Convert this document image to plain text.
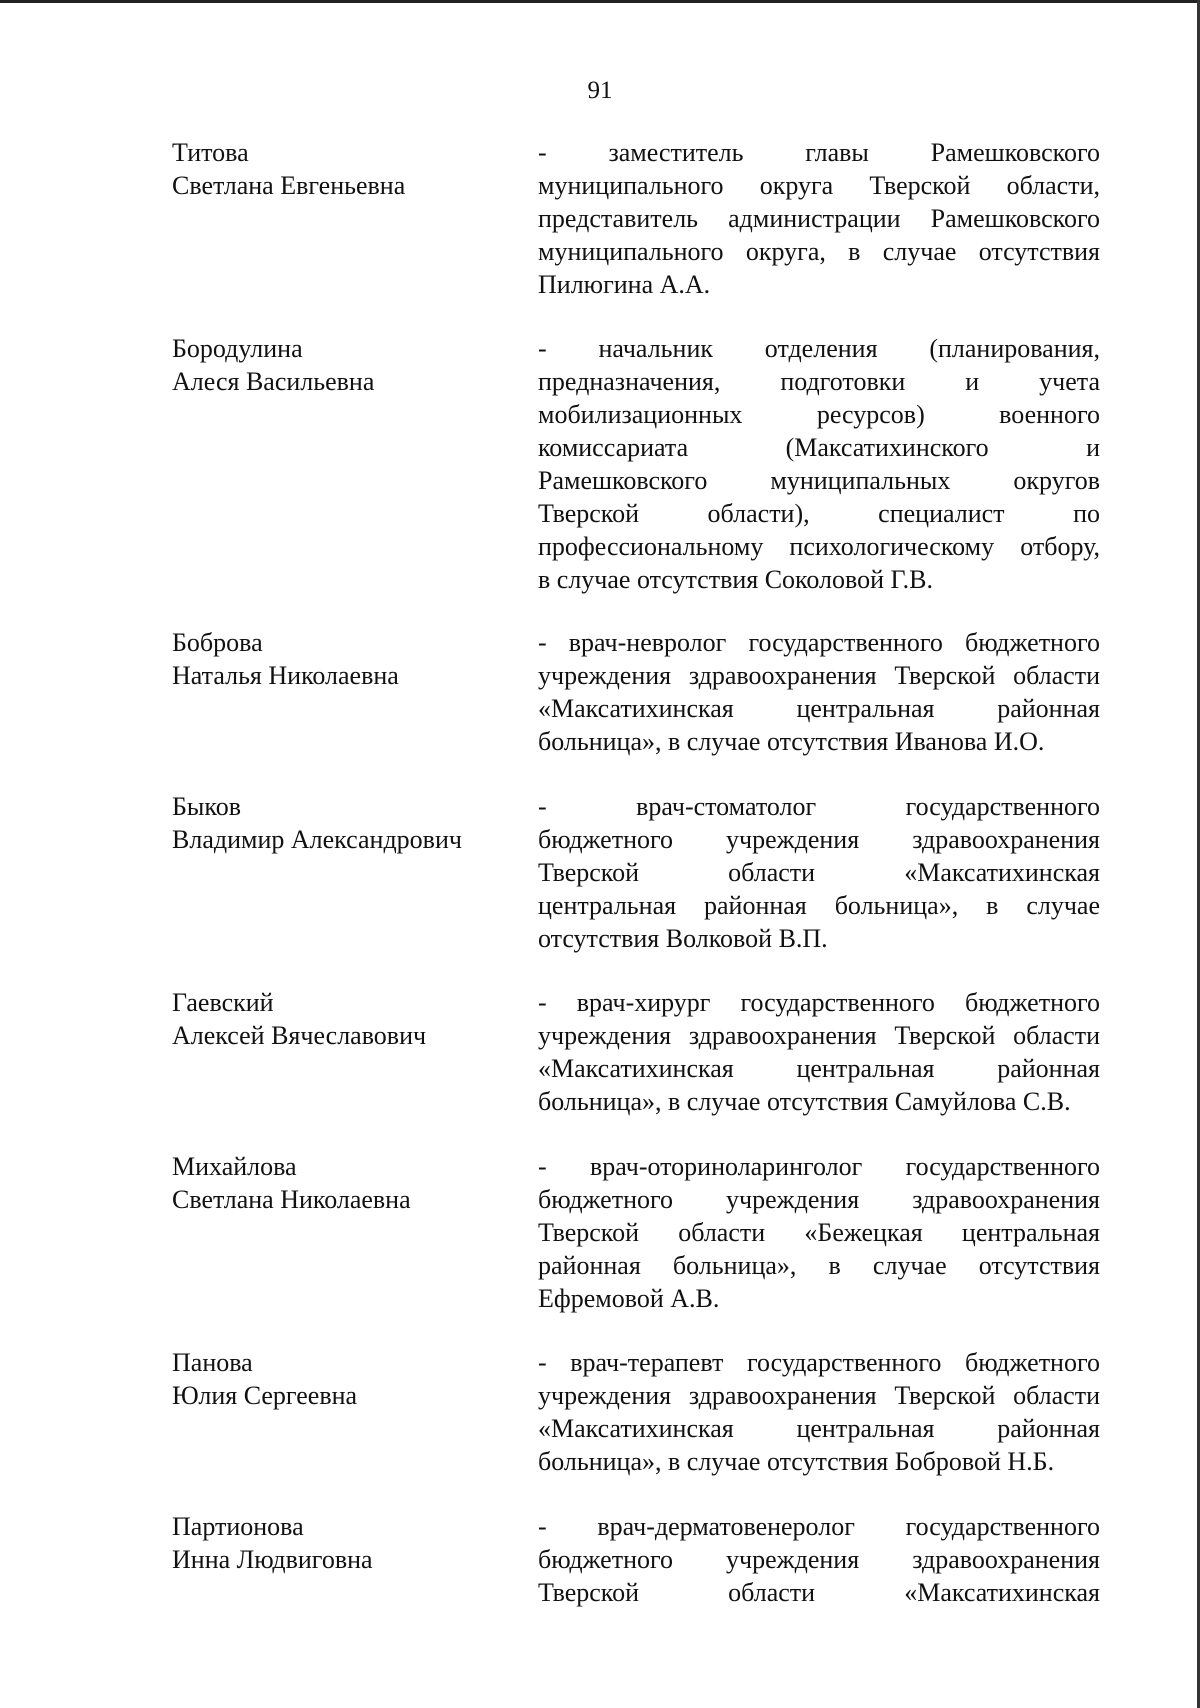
91
Титова
Светлана Евгеньевна
- заместитель главы Рамешковского
муниципального округа Тверской области,
представитель администрации Рамешковского
муниципального округа, в случае отсутствия
Пилюгина А.А.
Бородулина
Алеся Васильевна
- начальник отделения (планирования,
предназначения, подготовки и учета
мобилизационных ресурсов) военного
комиссариата (Максатихинского и
Рамешковского муниципальных округов
Тверской области), специалист по
профессиональному психологическому отбору,
в случае отсутствия Соколовой Г.В.
Боброва
Наталья Николаевна
- врач-невролог государственного бюджетного
учреждения здравоохранения Тверской области
«Максатихинская центральная районная
больница», в случае отсутствия Иванова И.О.
Быков
Владимир Александрович
- врач-стоматолог государственного
бюджетного учреждения здравоохранения
Тверской области «Максатихинская
центральная районная больница», в случае
отсутствия Волковой В.П.
Гаевский
Алексей Вячеславович
- врач-хирург государственного бюджетного
учреждения здравоохранения Тверской области
«Максатихинская центральная районная
больница», в случае отсутствия Самуйлова С.В.
Михайлова
Светлана Николаевна
- врач-оториноларинголог государственного
бюджетного учреждения здравоохранения
Тверской области «Бежецкая центральная
районная больница», в случае отсутствия
Ефремовой А.В.
Панова
Юлия Сергеевна
- врач-терапевт государственного бюджетного
учреждения здравоохранения Тверской области
«Максатихинская центральная районная
больница», в случае отсутствия Бобровой Н.Б.
Партионова
Инна Людвиговна
- врач-дерматовенеролог государственного
бюджетного учреждения здравоохранения
Тверской области «Максатихинская
